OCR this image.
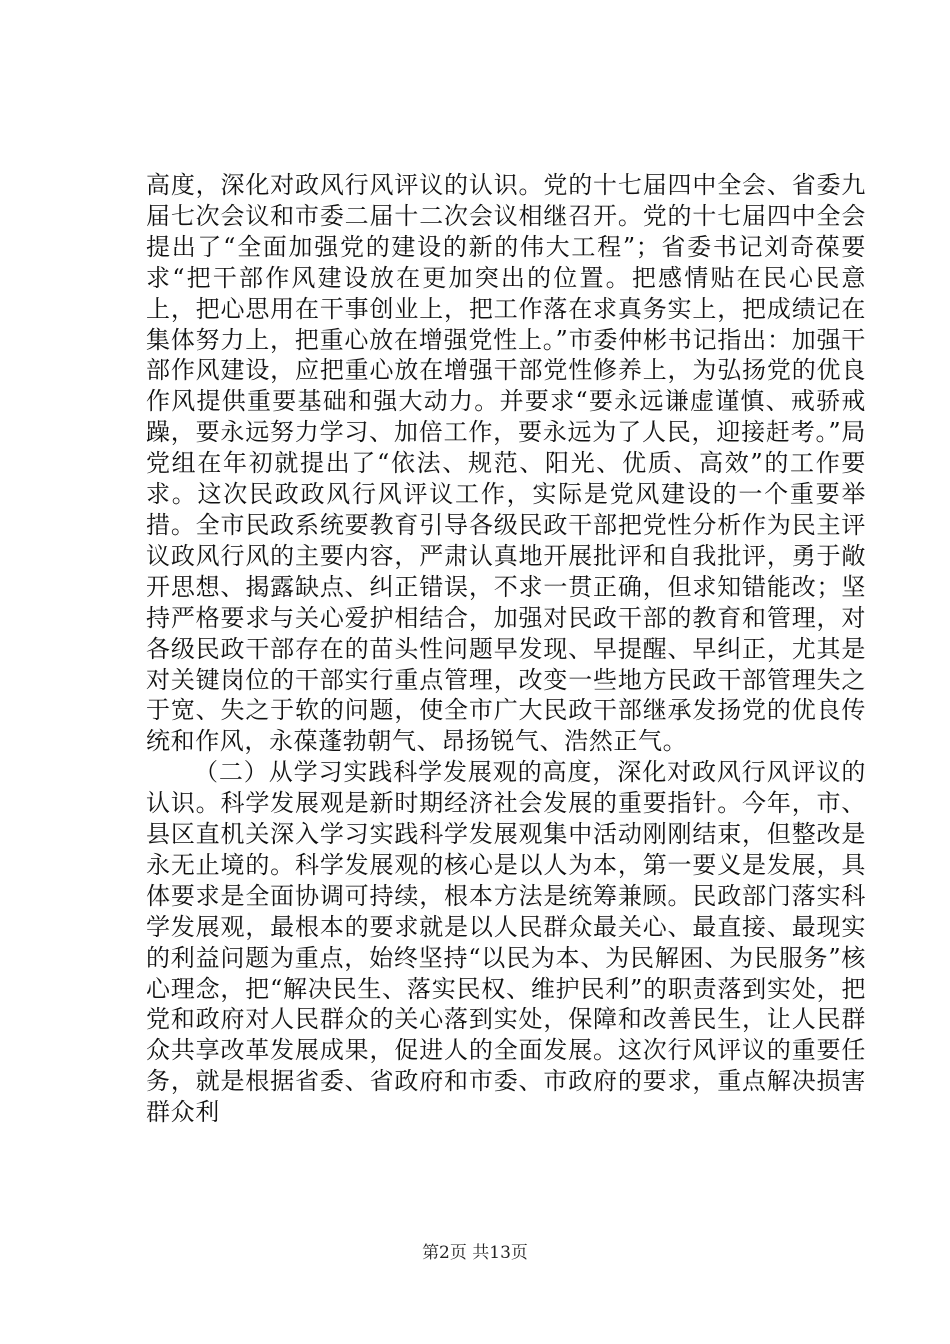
高度，深化对政风行风评议的认识。党的十七届四中全会、省委九届七次会议和市委二届十二次会议相继召开。党的十七届四中全会提出了“全面加强党的建设的新的伟大工程”；省委书记刘奇葆要求“把干部作风建设放在更加突出的位置。把感情贴在民心民意上，把心思用在干事创业上，把工作落在求真务实上，把成绩记在集体努力上，把重心放在增强党性上。”市委仲彬书记指出：加强干部作风建设，应把重心放在增强干部党性修养上，为弘扬党的优良作风提供重要基础和强大动力。并要求“要永远谦虚谨慎、戒骄戒躁，要永远努力学习、加倍工作，要永远为了人民，迎接赶考。”局党组在年初就提出了“依法、规范、阳光、优质、高效”的工作要求。这次民政政风行风评议工作，实际是党风建设的一个重要举措。全市民政系统要教育引导各级民政干部把党性分析作为民主评议政风行风的主要内容，严肃认真地开展批评和自我批评，勇于敞开思想、揭露缺点、纠正错误，不求一贯正确，但求知错能改；坚持严格要求与关心爱护相结合，加强对民政干部的教育和管理，对各级民政干部存在的苗头性问题早发现、早提醒、早纠正，尤其是对关键岗位的干部实行重点管理，改变一些地方民政干部管理失之于宽、失之于软的问题，使全市广大民政干部继承发扬党的优良传统和作风，永葆蓬勃朝气、昂扬锐气、浩然正气。

（二）从学习实践科学发展观的高度，深化对政风行风评议的认识。科学发展观是新时期经济社会发展的重要指针。今年，市、县区直机关深入学习实践科学发展观集中活动刚刚结束，但整改是永无止境的。科学发展观的核心是以人为本，第一要义是发展，具体要求是全面协调可持续，根本方法是统筹兼顾。民政部门落实科学发展观，最根本的要求就是以人民群众最关心、最直接、最现实的利益问题为重点，始终坚持“以民为本、为民解困、为民服务”核心理念，把“解决民生、落实民权、维护民利”的职责落到实处，把党和政府对人民群众的关心落到实处，保障和改善民生，让人民群众共享改革发展成果，促进人的全面发展。这次行风评议的重要任务，就是根据省委、省政府和市委、市政府的要求，重点解决损害群众利

第2页 共13页
